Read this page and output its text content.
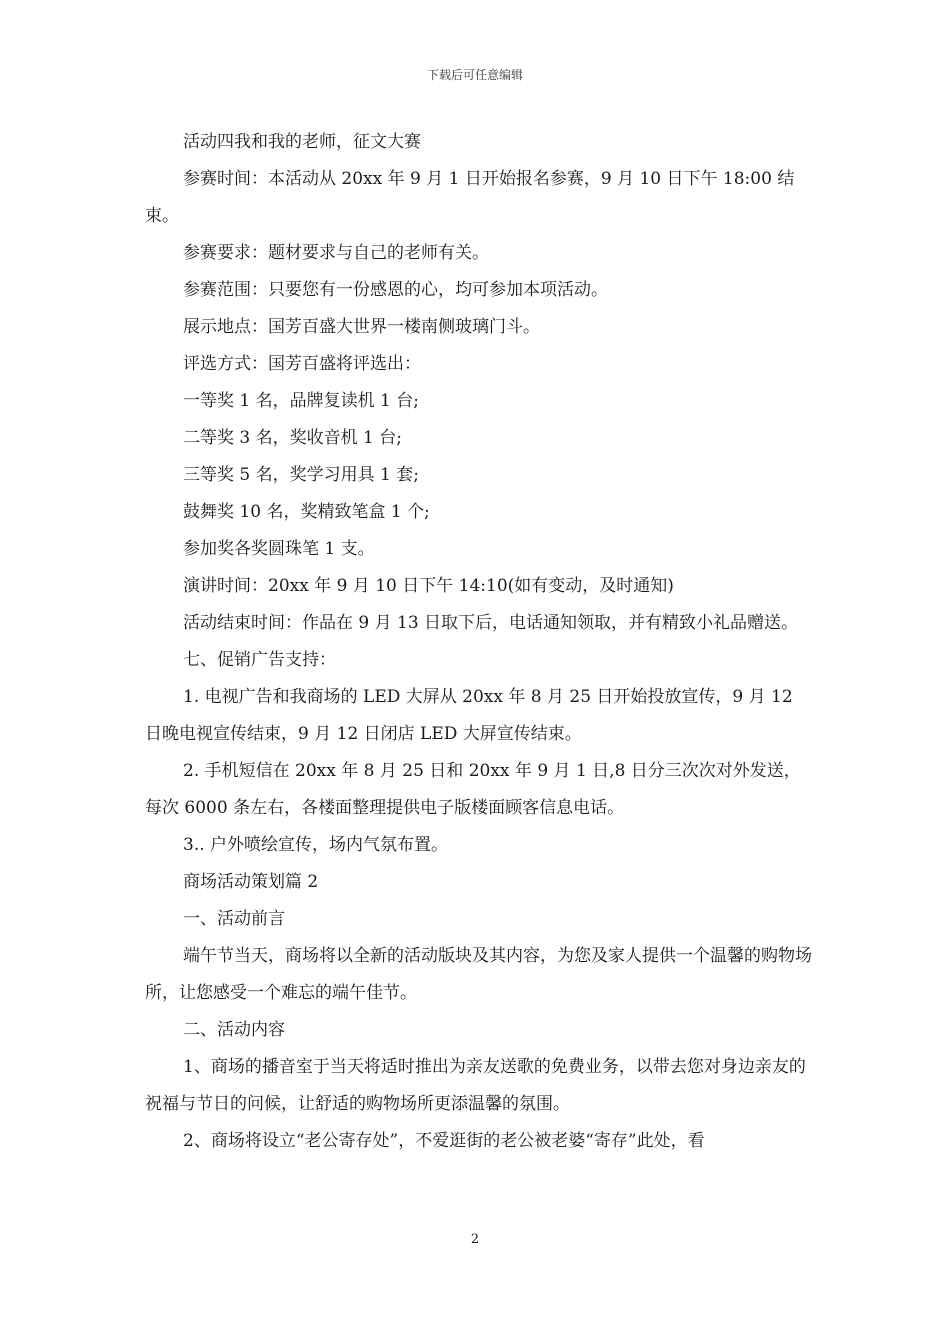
下载后可任意编辑

活动四我和我的老师，征文大赛

参赛时间：本活动从 20xx 年 9 月 1 日开始报名参赛，9 月 10 日下午 18:00 结束。

参赛要求：题材要求与自己的老师有关。

参赛范围：只要您有一份感恩的心，均可参加本项活动。

展示地点：国芳百盛大世界一楼南侧玻璃门斗。

评选方式：国芳百盛将评选出：

一等奖 1 名，品牌复读机 1 台;

二等奖 3 名，奖收音机 1 台;

三等奖 5 名，奖学习用具 1 套;

鼓舞奖 10 名，奖精致笔盒 1 个;

参加奖各奖圆珠笔 1 支。

演讲时间：20xx 年 9 月 10 日下午 14:10(如有变动，及时通知)

活动结束时间：作品在 9 月 13 日取下后，电话通知领取，并有精致小礼品赠送。

七、促销广告支持：

1. 电视广告和我商场的 LED 大屏从 20xx 年 8 月 25 日开始投放宣传，9 月 12 日晚电视宣传结束，9 月 12 日闭店 LED 大屏宣传结束。

2. 手机短信在 20xx 年 8 月 25 日和 20xx 年 9 月 1 日,8 日分三次次对外发送，每次 6000 条左右，各楼面整理提供电子版楼面顾客信息电话。

3.. 户外喷绘宣传，场内气氛布置。

商场活动策划篇 2

一、活动前言

端午节当天，商场将以全新的活动版块及其内容，为您及家人提供一个温馨的购物场所，让您感受一个难忘的端午佳节。

二、活动内容

1、商场的播音室于当天将适时推出为亲友送歌的免费业务，以带去您对身边亲友的祝福与节日的问候，让舒适的购物场所更添温馨的氛围。

2、商场将设立“老公寄存处”，不爱逛街的老公被老婆“寄存”此处，看

2
